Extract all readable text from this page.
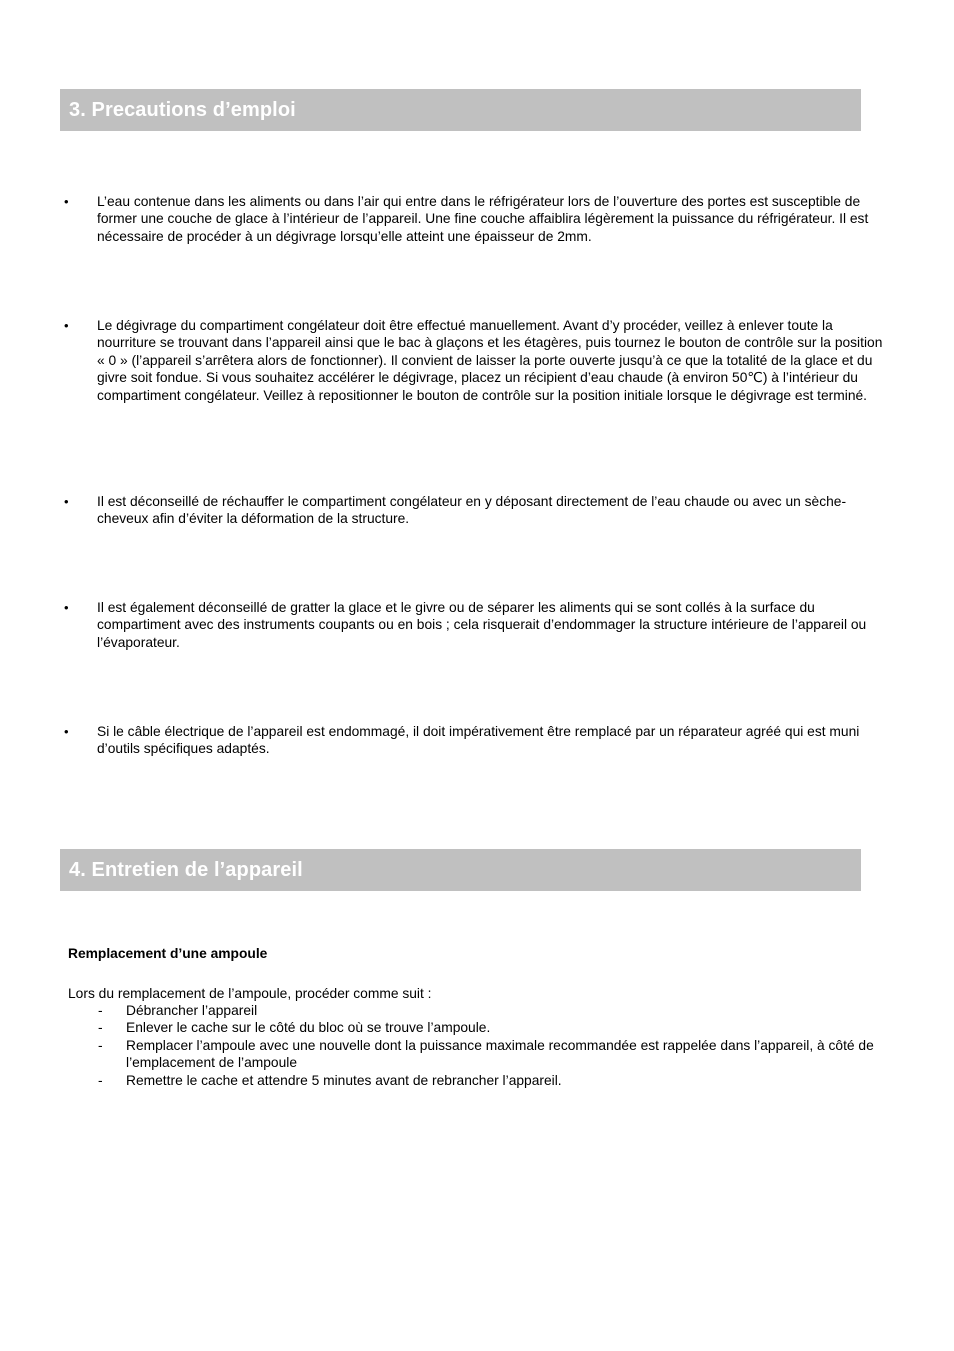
3. Precautions d’emploi
•	L’eau contenue dans les aliments ou dans l’air qui entre dans le réfrigérateur lors de l’ouverture des portes est susceptible de former une couche de glace à l’intérieur de l’appareil. Une fine couche affaiblira légèrement la puissance du réfrigérateur. Il est nécessaire de procéder à un dégivrage lorsqu’elle atteint une épaisseur de 2mm.
•	Le dégivrage du compartiment congélateur doit être effectué manuellement. Avant d’y procéder, veillez à enlever toute la nourriture se trouvant dans l’appareil ainsi que le bac à glaçons et les étagères, puis tournez le bouton de contrôle sur la position « 0 » (l’appareil s’arrêtera alors de fonctionner). Il convient de laisser la porte ouverte jusqu’à ce que la totalité de la glace et du givre soit fondue. Si vous souhaitez accélérer le dégivrage, placez un récipient d’eau chaude (à environ 50℃) à l’intérieur du compartiment congélateur. Veillez à repositionner le bouton de contrôle sur la position initiale lorsque le dégivrage est terminé.
•	Il est déconseillé de réchauffer le compartiment congélateur en y déposant directement de l’eau chaude ou avec un sèche-cheveux afin d’éviter la déformation de la structure.
•	Il est également déconseillé de gratter la glace et le givre ou de séparer les aliments qui se sont collés à la surface du compartiment avec des instruments coupants ou en bois ; cela risquerait d’endommager la structure intérieure de l’appareil ou l’évaporateur.
•	Si le câble électrique de l’appareil est endommagé, il doit impérativement être remplacé par un réparateur agréé qui est muni d’outils spécifiques adaptés.
4. Entretien de l’appareil
Remplacement d’une ampoule
Lors du remplacement de l’ampoule, procéder comme suit :
-	Débrancher l’appareil
-	Enlever le cache sur le côté du bloc où se trouve l’ampoule.
-	Remplacer l’ampoule avec une nouvelle dont la puissance maximale recommandée est rappelée dans l’appareil, à côté de l’emplacement de l’ampoule
-	Remettre le cache et attendre 5 minutes avant de rebrancher l’appareil.
